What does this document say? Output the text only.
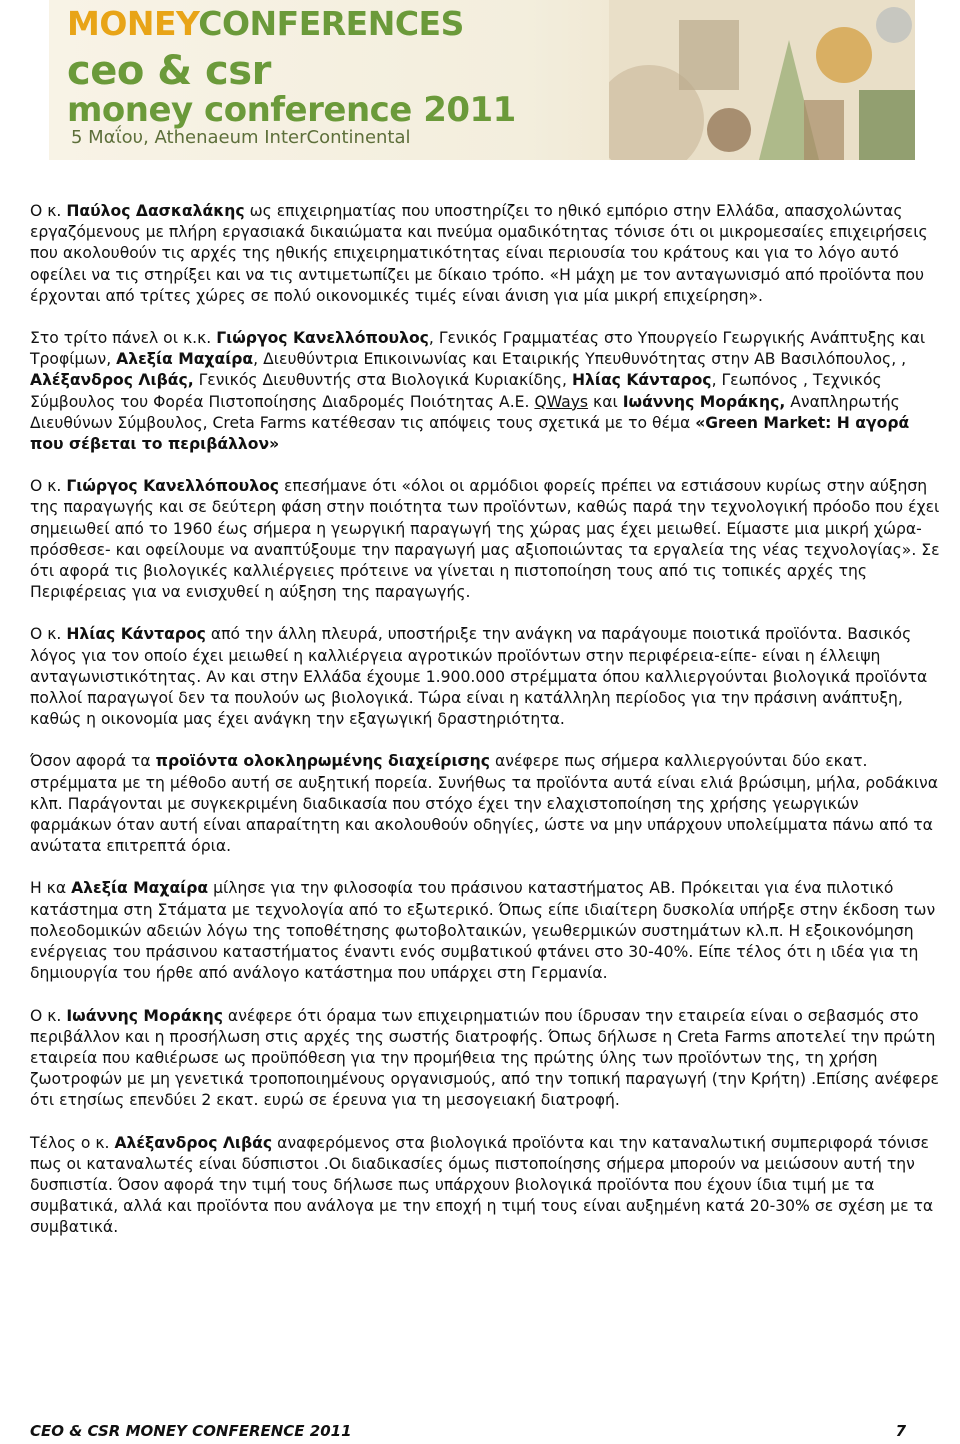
MONEYCONFERENCES
ceo & csr
money conference 2011
5 Μαΐου, Athenaeum InterContinental

Ο κ. Παύλος Δασκαλάκης ως επιχειρηματίας που υποστηρίζει το ηθικό εμπόριο στην Ελλάδα, απασχολώντας εργαζόμενους με πλήρη εργασιακά δικαιώματα και πνεύμα ομαδικότητας τόνισε ότι οι μικρομεσαίες επιχειρήσεις που ακολουθούν τις αρχές της ηθικής επιχειρηματικότητας είναι περιουσία του κράτους και για το λόγο αυτό οφείλει να τις στηρίξει και να τις αντιμετωπίζει με δίκαιο τρόπο. «Η μάχη με τον ανταγωνισμό από προϊόντα που έρχονται από τρίτες χώρες σε πολύ οικονομικές τιμές είναι άνιση για μία μικρή επιχείρηση».

Στο τρίτο πάνελ οι κ.κ. Γιώργος Κανελλόπουλος, Γενικός Γραμματέας στο Υπουργείο Γεωργικής Ανάπτυξης και Τροφίμων, Αλεξία Μαχαίρα, Διευθύντρια Επικοινωνίας και Εταιρικής Υπευθυνότητας στην ΑΒ Βασιλόπουλος, , Αλέξανδρος Λιβάς, Γενικός Διευθυντής στα Βιολογικά Κυριακίδης, Ηλίας Κάνταρος, Γεωπόνος , Τεχνικός Σύμβουλος του Φορέα Πιστοποίησης Διαδρομές Ποιότητας Α.Ε. QWays και Ιωάννης Μοράκης, Αναπληρωτής Διευθύνων Σύμβουλος, Creta Farms κατέθεσαν τις απόψεις τους σχετικά με το θέμα «Green Market: Η αγορά που σέβεται το περιβάλλον»

Ο κ. Γιώργος Κανελλόπουλος επεσήμανε ότι «όλοι οι αρμόδιοι φορείς πρέπει να εστιάσουν κυρίως στην αύξηση της παραγωγής και σε δεύτερη φάση στην ποιότητα των προϊόντων, καθώς παρά την τεχνολογική πρόοδο που έχει σημειωθεί από το 1960 έως σήμερα η γεωργική παραγωγή της χώρας μας έχει μειωθεί. Είμαστε μια μικρή χώρα-πρόσθεσε- και οφείλουμε να αναπτύξουμε την παραγωγή μας αξιοποιώντας τα εργαλεία της νέας τεχνολογίας». Σε ότι αφορά τις βιολογικές καλλιέργειες πρότεινε να γίνεται η πιστοποίηση τους από τις τοπικές αρχές της Περιφέρειας για να ενισχυθεί η αύξηση της παραγωγής.

Ο κ. Ηλίας Κάνταρος από την άλλη πλευρά, υποστήριξε την ανάγκη να παράγουμε ποιοτικά προϊόντα. Βασικός λόγος για τον οποίο έχει μειωθεί η καλλιέργεια αγροτικών προϊόντων στην περιφέρεια-είπε- είναι η έλλειψη ανταγωνιστικότητας. Αν και στην Ελλάδα έχουμε 1.900.000 στρέμματα όπου καλλιεργούνται βιολογικά προϊόντα πολλοί παραγωγοί δεν τα πουλούν ως βιολογικά. Τώρα είναι η κατάλληλη περίοδος για την πράσινη ανάπτυξη, καθώς η οικονομία μας έχει ανάγκη την εξαγωγική δραστηριότητα.

Όσον αφορά τα προϊόντα ολοκληρωμένης διαχείρισης ανέφερε πως σήμερα καλλιεργούνται δύο εκατ. στρέμματα με τη μέθοδο αυτή σε αυξητική πορεία. Συνήθως τα προϊόντα αυτά είναι ελιά βρώσιμη, μήλα, ροδάκινα κλπ. Παράγονται με συγκεκριμένη διαδικασία που στόχο έχει την ελαχιστοποίηση της χρήσης γεωργικών φαρμάκων όταν αυτή είναι απαραίτητη και ακολουθούν οδηγίες, ώστε να μην υπάρχουν υπολείμματα πάνω από τα ανώτατα επιτρεπτά όρια.

Η κα Αλεξία Μαχαίρα μίλησε για την φιλοσοφία του πράσινου καταστήματος ΑΒ. Πρόκειται για ένα πιλοτικό κατάστημα στη Στάματα με τεχνολογία από το εξωτερικό. Όπως είπε ιδιαίτερη δυσκολία υπήρξε στην έκδοση των πολεοδομικών αδειών λόγω της τοποθέτησης φωτοβολταικών, γεωθερμικών συστημάτων κλ.π. Η εξοικονόμηση ενέργειας του πράσινου καταστήματος έναντι ενός συμβατικού φτάνει στο 30-40%. Είπε τέλος ότι η ιδέα για τη δημιουργία του ήρθε από ανάλογο κατάστημα που υπάρχει στη Γερμανία.

Ο κ. Ιωάννης Μοράκης ανέφερε ότι όραμα των επιχειρηματιών που ίδρυσαν την εταιρεία είναι ο σεβασμός στο περιβάλλον και η προσήλωση στις αρχές της σωστής διατροφής. Όπως δήλωσε η Creta Farms αποτελεί την πρώτη εταιρεία που καθιέρωσε ως προϋπόθεση για την προμήθεια της πρώτης ύλης των προϊόντων της, τη χρήση ζωοτροφών με μη γενετικά τροποποιημένους οργανισμούς, από την τοπική παραγωγή (την Κρήτη) .Επίσης ανέφερε ότι ετησίως επενδύει 2 εκατ. ευρώ σε έρευνα για τη μεσογειακή διατροφή.

Τέλος ο κ. Αλέξανδρος Λιβάς αναφερόμενος στα βιολογικά προϊόντα και την καταναλωτική συμπεριφορά τόνισε πως οι καταναλωτές είναι δύσπιστοι .Οι διαδικασίες όμως πιστοποίησης σήμερα μπορούν να μειώσουν αυτή την δυσπιστία. Όσον αφορά την τιμή τους δήλωσε πως υπάρχουν βιολογικά προϊόντα που έχουν ίδια τιμή με τα συμβατικά, αλλά και προϊόντα που ανάλογα με την εποχή η τιμή τους είναι αυξημένη κατά 20-30% σε σχέση με τα συμβατικά.

CEO & CSR MONEY CONFERENCE 2011	7
